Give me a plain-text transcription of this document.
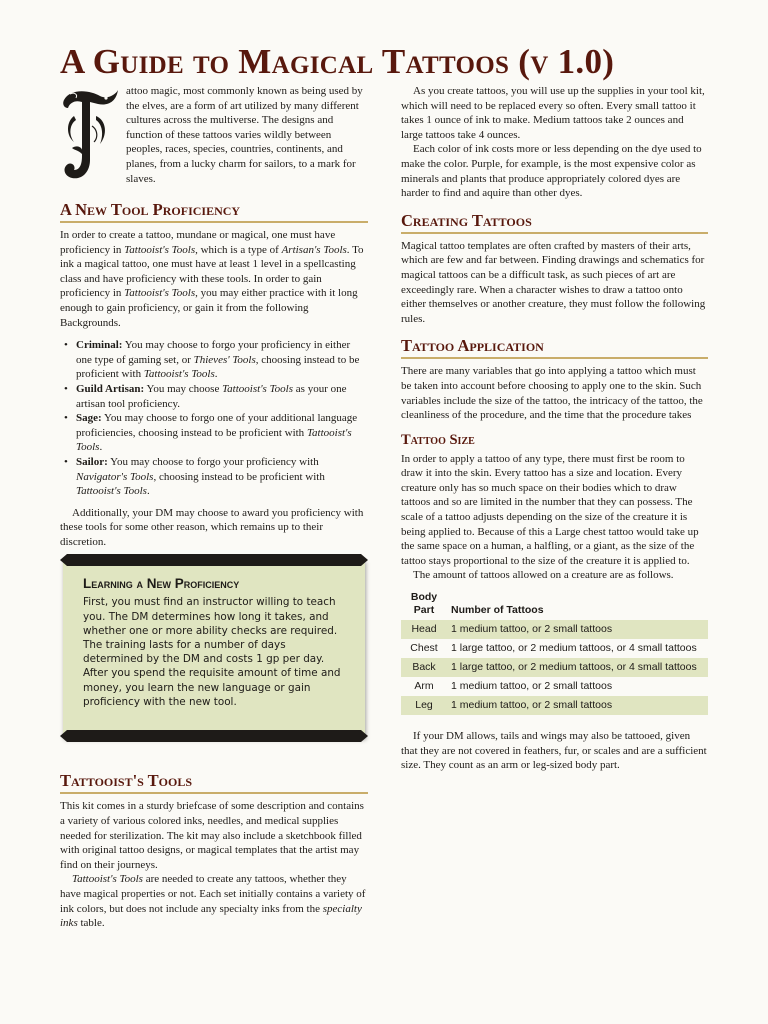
A Guide to Magical Tattoos (v 1.0)

attoo magic, most commonly known as being used by the elves, are a form of art utilized by many different cultures across the multiverse. The designs and function of these tattoos varies wildly between peoples, races, species, countries, continents, and planes, from a lucky charm for sailors, to a mark for slaves.

A New Tool Proficiency

In order to create a tattoo, mundane or magical, one must have proficiency in Tattooist's Tools, which is a type of Artisan's Tools. To ink a magical tattoo, one must have at least 1 level in a spellcasting class and have proficiency with these tools. In order to gain proficiency in Tattooist's Tools, you may either practice with it long enough to gain proficiency, or gain it from the following Backgrounds.

• Criminal: You may choose to forgo your proficiency in either one type of gaming set, or Thieves' Tools, choosing instead to be proficient with Tattooist's Tools.
• Guild Artisan: You may choose Tattooist's Tools as your one artisan tool proficiency.
• Sage: You may choose to forgo one of your additional language proficiencies, choosing instead to be proficient with Tattooist's Tools.
• Sailor: You may choose to forgo your proficiency with Navigator's Tools, choosing instead to be proficient with Tattooist's Tools.

Additionally, your DM may choose to award you proficiency with these tools for some other reason, which remains up to their discretion.

Learning a New Proficiency

First, you must find an instructor willing to teach you. The DM determines how long it takes, and whether one or more ability checks are required. The training lasts for a number of days determined by the DM and costs 1 gp per day. After you spend the requisite amount of time and money, you learn the new language or gain proficiency with the new tool.

Tattooist's Tools

This kit comes in a sturdy briefcase of some description and contains a variety of various colored inks, needles, and medical supplies needed for sterilization. The kit may also include a sketchbook filled with original tattoo designs, or magical templates that the artist may find on their journeys.

Tattooist's Tools are needed to create any tattoos, whether they have magical properties or not. Each set initially contains a variety of ink colors, but does not include any specialty inks from the specialty inks table.

As you create tattoos, you will use up the supplies in your tool kit, which will need to be replaced every so often. Every small tattoo it takes 1 ounce of ink to make. Medium tattoos take 2 ounces and large tattoos take 4 ounces.

Each color of ink costs more or less depending on the dye used to make the color. Purple, for example, is the most expensive color as minerals and plants that produce appropriately colored dyes are harder to find and aquire than other dyes.

Creating Tattoos

Magical tattoo templates are often crafted by masters of their arts, which are few and far between. Finding drawings and schematics for magical tattoos can be a difficult task, as such pieces of art are exceedingly rare. When a character wishes to draw a tattoo onto either themselves or another creature, they must follow the following rules.

Tattoo Application

There are many variables that go into applying a tattoo which must be taken into account before choosing to apply one to the skin. Such variables include the size of the tattoo, the intricacy of the tattoo, the cleanliness of the procedure, and the time that the procedure takes

Tattoo Size

In order to apply a tattoo of any type, there must first be room to draw it into the skin. Every tattoo has a size and location. Every creature only has so much space on their bodies which to draw tattoos and so are limited in the number that they can possess. The scale of a tattoo adjusts depending on the size of the creature it is being applied to. Because of this a Large chest tattoo would take up the same space on a human, a halfling, or a giant, as the size of the tattoo stays proportional to the size of the creature it is applied to.

The amount of tattoos allowed on a creature are as follows.

Body Part	Number of Tattoos
Head	1 medium tattoo, or 2 small tattoos
Chest	1 large tattoo, or 2 medium tattoos, or 4 small tattoos
Back	1 large tattoo, or 2 medium tattoos, or 4 small tattoos
Arm	1 medium tattoo, or 2 small tattoos
Leg	1 medium tattoo, or 2 small tattoos

If your DM allows, tails and wings may also be tattooed, given that they are not covered in feathers, fur, or scales and are a sufficient size. They count as an arm or leg-sized body part.
